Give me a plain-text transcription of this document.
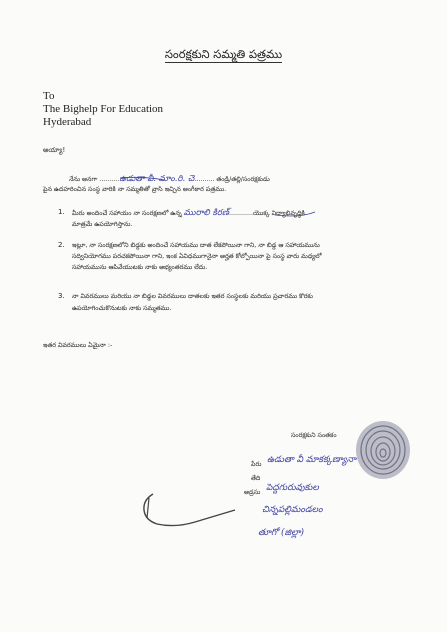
సంరక్షకుని సమ్మతి పత్రము
To
The Bighelp For Education
Hyderabad
అయ్యా!
నేను అనగా ..........ఉడుతా వీ. మాం.రి. చె.......... తండ్రి/తల్లి/సంరక్షకుడు
పైన ఉదహరించిన సంస్థ వారికి నా సమ్మతితో వ్రాసి ఇచ్చిన అంగీకార పత్రము.
1. మీరు అందించే సహాయం నా సంరక్షణలో ఉన్న మురాలి కిరణ్............యొక్క విద్యాభివృద్ధికి
మాత్రమే ఉపయోగిస్తాను.
2. ఇట్లూ, నా సంరక్షణలోని బిడ్డకు అందించే సహాయము దాత లేకపోయినా గాని, నా బిడ్డ ఆ సహాయమును
సద్వినియోగము పరచకపోయినా గాని, ఇంక ఏవిధముగానైనా అర్హత కోల్పోయినా పై సంస్థ వారు మధ్యలో
సహాయమును ఆపివేయుటకు నాకు అభ్యంతరము లేదు.
3. నా వివరములు మరియు నా బిడ్డల వివరములు దాతలకు ఇతర సంస్థలకు మరియు ప్రచారము కొరకు
ఉపయోగించుకొనుటకు నాకు సమ్మతము.
ఇతర వివరములు ఏమైనా :-
సంరక్షకుని సంతకం
పేరు ఉడుతా వీ మాకక్కణ్యానా
తేది
అడ్రసు పెద్దగురువుకుల
చిన్నపల్లిమండలం
తూగో (జిల్లా)
